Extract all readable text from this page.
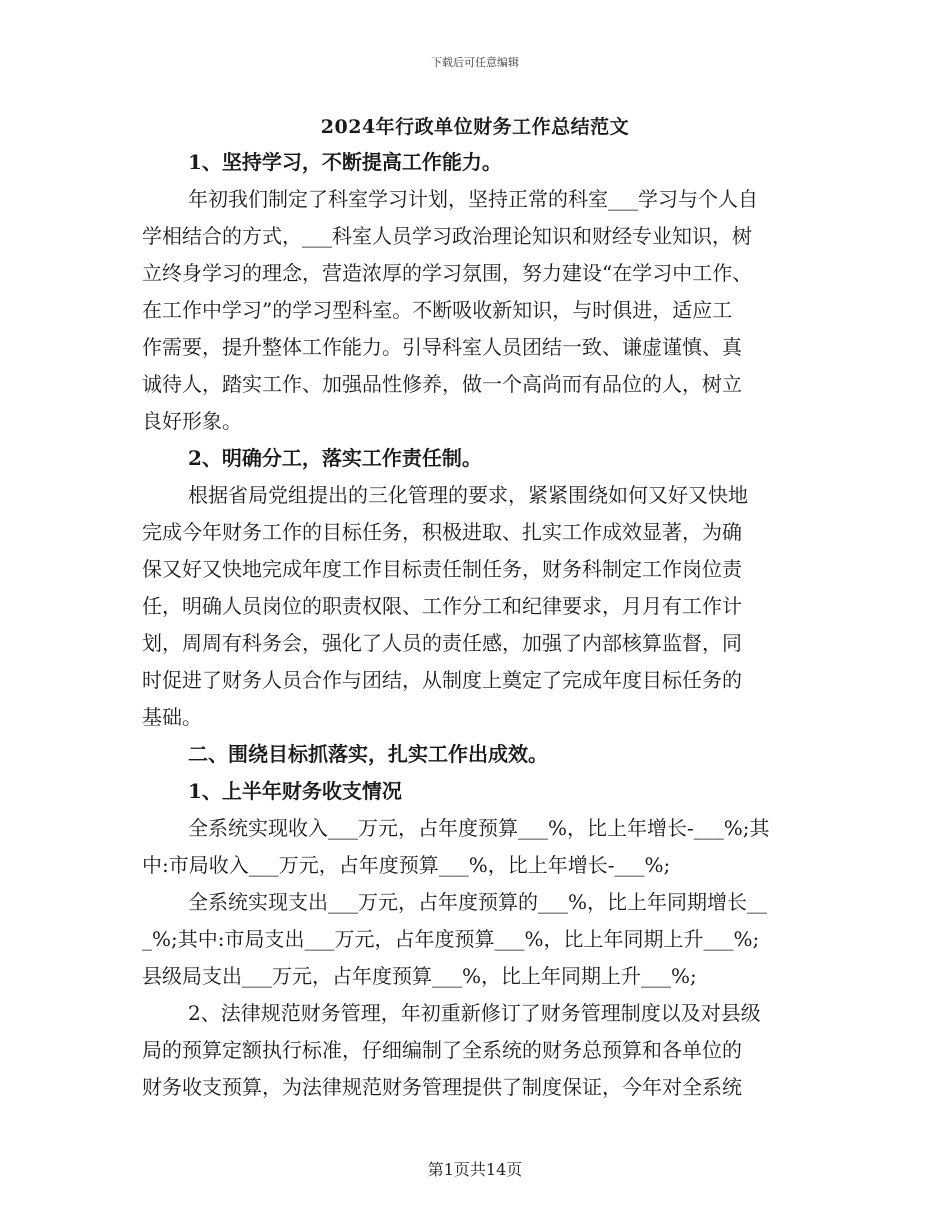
下载后可任意编辑
2024年行政单位财务工作总结范文
1、坚持学习，不断提高工作能力。
年初我们制定了科室学习计划，坚持正常的科室___学习与个人自
学相结合的方式，___科室人员学习政治理论知识和财经专业知识，树
立终身学习的理念，营造浓厚的学习氛围，努力建设“在学习中工作、
在工作中学习”的学习型科室。不断吸收新知识，与时俱进，适应工
作需要，提升整体工作能力。引导科室人员团结一致、谦虚谨慎、真
诚待人，踏实工作、加强品性修养，做一个高尚而有品位的人，树立
良好形象。
2、明确分工，落实工作责任制。
根据省局党组提出的三化管理的要求，紧紧围绕如何又好又快地
完成今年财务工作的目标任务，积极进取、扎实工作成效显著，为确
保又好又快地完成年度工作目标责任制任务，财务科制定工作岗位责
任，明确人员岗位的职责权限、工作分工和纪律要求，月月有工作计
划，周周有科务会，强化了人员的责任感，加强了内部核算监督，同
时促进了财务人员合作与团结，从制度上奠定了完成年度目标任务的
基础。
二、围绕目标抓落实，扎实工作出成效。
1、上半年财务收支情况
全系统实现收入___万元，占年度预算___%，比上年增长-___%;其
中:市局收入___万元，占年度预算___%，比上年增长-___%;
全系统实现支出___万元，占年度预算的___%，比上年同期增长__
_%;其中:市局支出___万元，占年度预算___%，比上年同期上升___%;
县级局支出___万元，占年度预算___%，比上年同期上升___%;
2、法律规范财务管理，年初重新修订了财务管理制度以及对县级
局的预算定额执行标准，仔细编制了全系统的财务总预算和各单位的
财务收支预算，为法律规范财务管理提供了制度保证，今年对全系统
第1页共14页
